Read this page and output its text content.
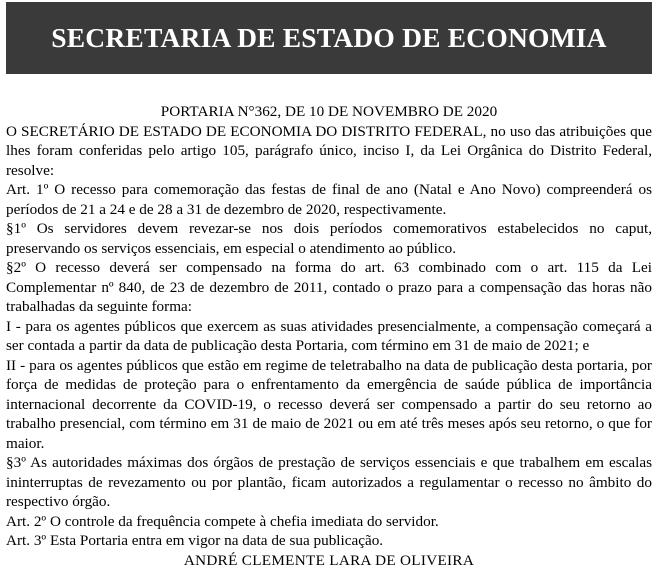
SECRETARIA DE ESTADO DE ECONOMIA

PORTARIA N°362, DE 10 DE NOVEMBRO DE 2020

O SECRETÁRIO DE ESTADO DE ECONOMIA DO DISTRITO FEDERAL, no uso das atribuições que lhes foram conferidas pelo artigo 105, parágrafo único, inciso I, da Lei Orgânica do Distrito Federal, resolve:

Art. 1º O recesso para comemoração das festas de final de ano (Natal e Ano Novo) compreenderá os períodos de 21 a 24 e de 28 a 31 de dezembro de 2020, respectivamente.

§1º Os servidores devem revezar-se nos dois períodos comemorativos estabelecidos no caput, preservando os serviços essenciais, em especial o atendimento ao público.

§2º O recesso deverá ser compensado na forma do art. 63 combinado com o art. 115 da Lei Complementar nº 840, de 23 de dezembro de 2011, contado o prazo para a compensação das horas não trabalhadas da seguinte forma:

I - para os agentes públicos que exercem as suas atividades presencialmente, a compensação começará a ser contada a partir da data de publicação desta Portaria, com término em 31 de maio de 2021; e

II - para os agentes públicos que estão em regime de teletrabalho na data de publicação desta portaria, por força de medidas de proteção para o enfrentamento da emergência de saúde pública de importância internacional decorrente da COVID-19, o recesso deverá ser compensado a partir do seu retorno ao trabalho presencial, com término em 31 de maio de 2021 ou em até três meses após seu retorno, o que for maior.

§3º As autoridades máximas dos órgãos de prestação de serviços essenciais e que trabalhem em escalas ininterruptas de revezamento ou por plantão, ficam autorizados a regulamentar o recesso no âmbito do respectivo órgão.

Art. 2º O controle da frequência compete à chefia imediata do servidor.

Art. 3º Esta Portaria entra em vigor na data de sua publicação.

ANDRÉ CLEMENTE LARA DE OLIVEIRA
